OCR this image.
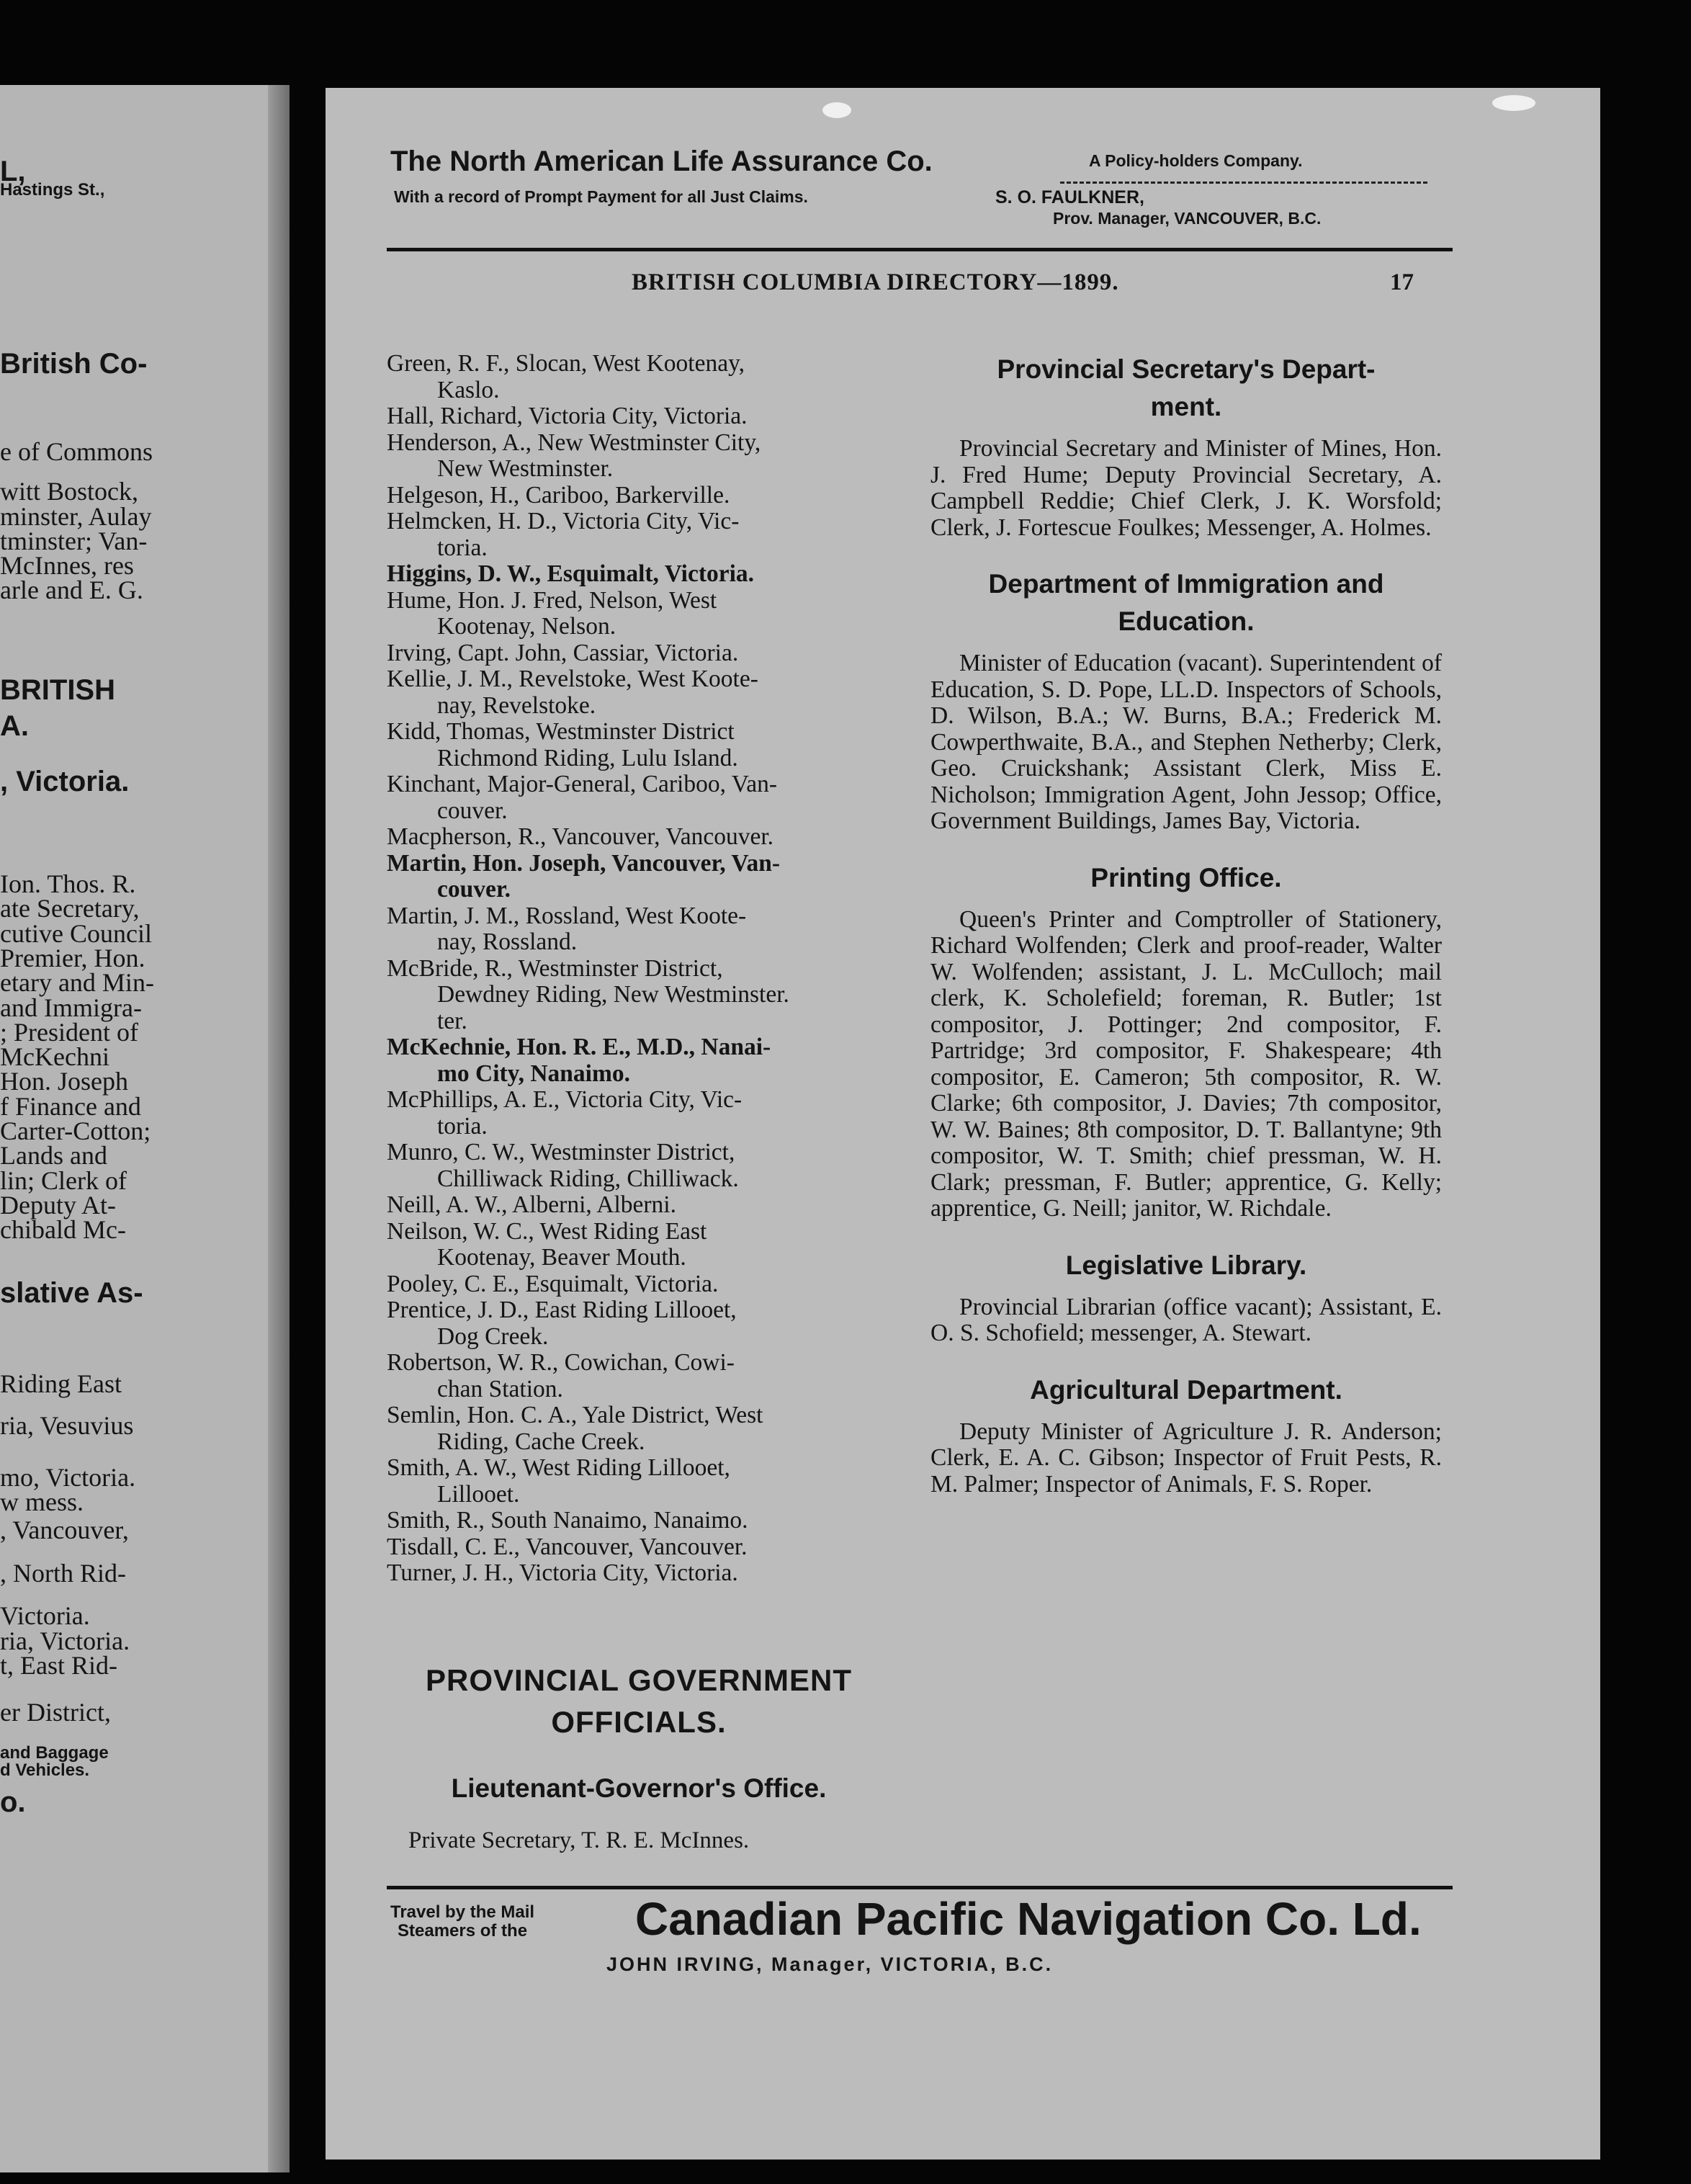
L,
Hastings St.,
British Co-
e of Commons
witt Bostock,
minster, Aulay
tminster; Van-
McInnes, res
arle and E. G.
BRITISH
A.
, Victoria.
Ion. Thos. R.
ate Secretary,
cutive Council
Premier, Hon.
etary and Min-
and Immigra-
; President of
McKechni
Hon. Joseph
f Finance and
Carter-Cotton;
Lands and
lin; Clerk of
Deputy At-
chibald Mc-
slative As-
Riding East
ria, Vesuvius
mo, Victoria.
w mess.
, Vancouver,
, North Rid-
Victoria.
ria, Victoria.
t, East Rid-
er District,
and Baggage
d Vehicles.
o.
The North American Life Assurance Co.	A Policy-holders Company.
With a record of Prompt Payment for all Just Claims.	S. O. FAULKNER,
Prov. Manager, VANCOUVER, B.C.
BRITISH COLUMBIA DIRECTORY—1899.	17
Green, R. F., Slocan, West Kootenay,
Kaslo.
Hall, Richard, Victoria City, Victoria.
Henderson, A., New Westminster City,
New Westminster.
Helgeson, H., Cariboo, Barkerville.
Helmcken, H. D., Victoria City, Vic-
toria.
Higgins, D. W., Esquimalt, Victoria.
Hume, Hon. J. Fred, Nelson, West
Kootenay, Nelson.
Irving, Capt. John, Cassiar, Victoria.
Kellie, J. M., Revelstoke, West Koote-
nay, Revelstoke.
Kidd, Thomas, Westminster District
Richmond Riding, Lulu Island.
Kinchant, Major-General, Cariboo, Van-
couver.
Macpherson, R., Vancouver, Vancouver.
Martin, Hon. Joseph, Vancouver, Van-
couver.
Martin, J. M., Rossland, West Koote-
nay, Rossland.
McBride, R., Westminster District,
Dewdney Riding, New Westminster.
ter.
McKechnie, Hon. R. E., M.D., Nanai-
mo City, Nanaimo.
McPhillips, A. E., Victoria City, Vic-
toria.
Munro, C. W., Westminster District,
Chilliwack Riding, Chilliwack.
Neill, A. W., Alberni, Alberni.
Neilson, W. C., West Riding East
Kootenay, Beaver Mouth.
Pooley, C. E., Esquimalt, Victoria.
Prentice, J. D., East Riding Lillooet,
Dog Creek.
Robertson, W. R., Cowichan, Cowi-
chan Station.
Semlin, Hon. C. A., Yale District, West
Riding, Cache Creek.
Smith, A. W., West Riding Lillooet,
Lillooet.
Smith, R., South Nanaimo, Nanaimo.
Tisdall, C. E., Vancouver, Vancouver.
Turner, J. H., Victoria City, Victoria.
PROVINCIAL GOVERNMENT
OFFICIALS.
Lieutenant-Governor's Office.
Private Secretary, T. R. E. McInnes.
Provincial Secretary's Depart-
ment.
Provincial Secretary and Minister of Mines, Hon. J. Fred Hume; Deputy Provincial Secretary, A. Campbell Reddie; Chief Clerk, J. K. Worsfold; Clerk, J. Fortescue Foulkes; Messenger, A. Holmes.
Department of Immigration and
Education.
Minister of Education (vacant). Superintendent of Education, S. D. Pope, LL.D. Inspectors of Schools, D. Wilson, B.A.; W. Burns, B.A.; Frederick M. Cowperthwaite, B.A., and Stephen Netherby; Clerk, Geo. Cruickshank; Assistant Clerk, Miss E. Nicholson; Immigration Agent, John Jessop; Office, Government Buildings, James Bay, Victoria.
Printing Office.
Queen's Printer and Comptroller of Stationery, Richard Wolfenden; Clerk and proof-reader, Walter W. Wolfenden; assistant, J. L. McCulloch; mail clerk, K. Scholefield; foreman, R. Butler; 1st compositor, J. Pottinger; 2nd compositor, F. Partridge; 3rd compositor, F. Shakespeare; 4th compositor, E. Cameron; 5th compositor, R. W. Clarke; 6th compositor, J. Davies; 7th compositor, W. W. Baines; 8th compositor, D. T. Ballantyne; 9th compositor, W. T. Smith; chief pressman, W. H. Clark; pressman, F. Butler; apprentice, G. Kelly; apprentice, G. Neill; janitor, W. Richdale.
Legislative Library.
Provincial Librarian (office vacant); Assistant, E. O. S. Schofield; messenger, A. Stewart.
Agricultural Department.
Deputy Minister of Agriculture J. R. Anderson; Clerk, E. A. C. Gibson; Inspector of Fruit Pests, R. M. Palmer; Inspector of Animals, F. S. Roper.
Travel by the Mail
Steamers of the Canadian Pacific Navigation Co. Ld.
JOHN IRVING, Manager, VICTORIA, B.C.
